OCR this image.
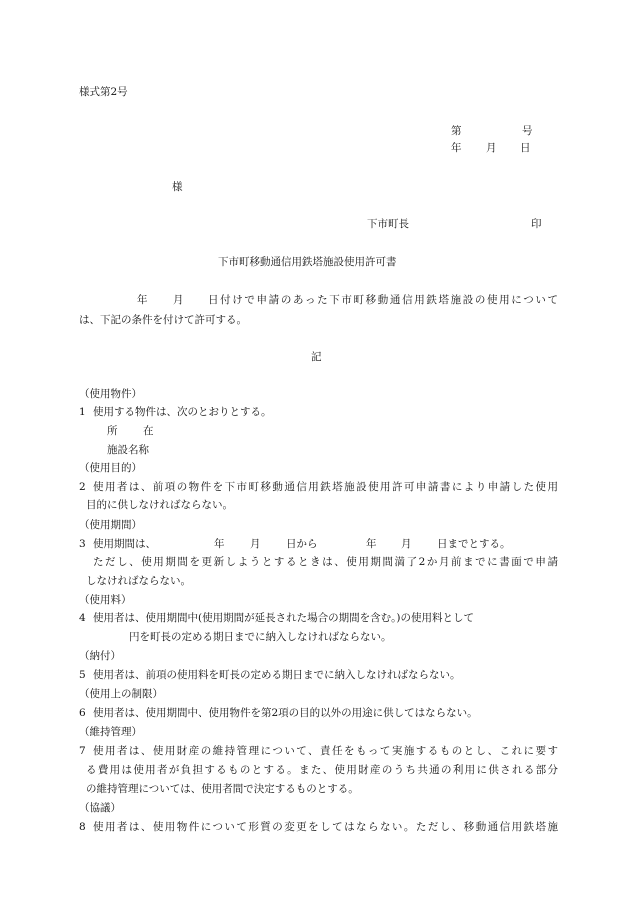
様式第2号
第	号
年 月 日
様
下市町長	印
下市町移動通信用鉄塔施設使用許可書
年 月 日付けで申請のあった下市町移動通信用鉄塔施設の使用について
は、下記の条件を付けて許可する。
記
（使用物件）
1 使用する物件は、次のとおりとする。
所 在
施設名称
（使用目的）
2 使用者は、前項の物件を下市町移動通信用鉄塔施設使用許可申請書により申請した使用
目的に供しなければならない。
（使用期間）
3 使用期間は、	年 月 日から	年 月 日までとする。
ただし、使用期間を更新しようとするときは、使用期間満了2か月前までに書面で申請
しなければならない。
（使用料）
4 使用者は、使用期間中(使用期間が延長された場合の期間を含む。)の使用料として
円を町長の定める期日までに納入しなければならない。
（納付）
5 使用者は、前項の使用料を町長の定める期日までに納入しなければならない。
（使用上の制限）
6 使用者は、使用期間中、使用物件を第2項の目的以外の用途に供してはならない。
（維持管理）
7 使用者は、使用財産の維持管理について、責任をもって実施するものとし、これに要す
る費用は使用者が負担するものとする。また、使用財産のうち共通の利用に供される部分
の維持管理については、使用者間で決定するものとする。
（協議）
8 使用者は、使用物件について形質の変更をしてはならない。ただし、移動通信用鉄塔施
